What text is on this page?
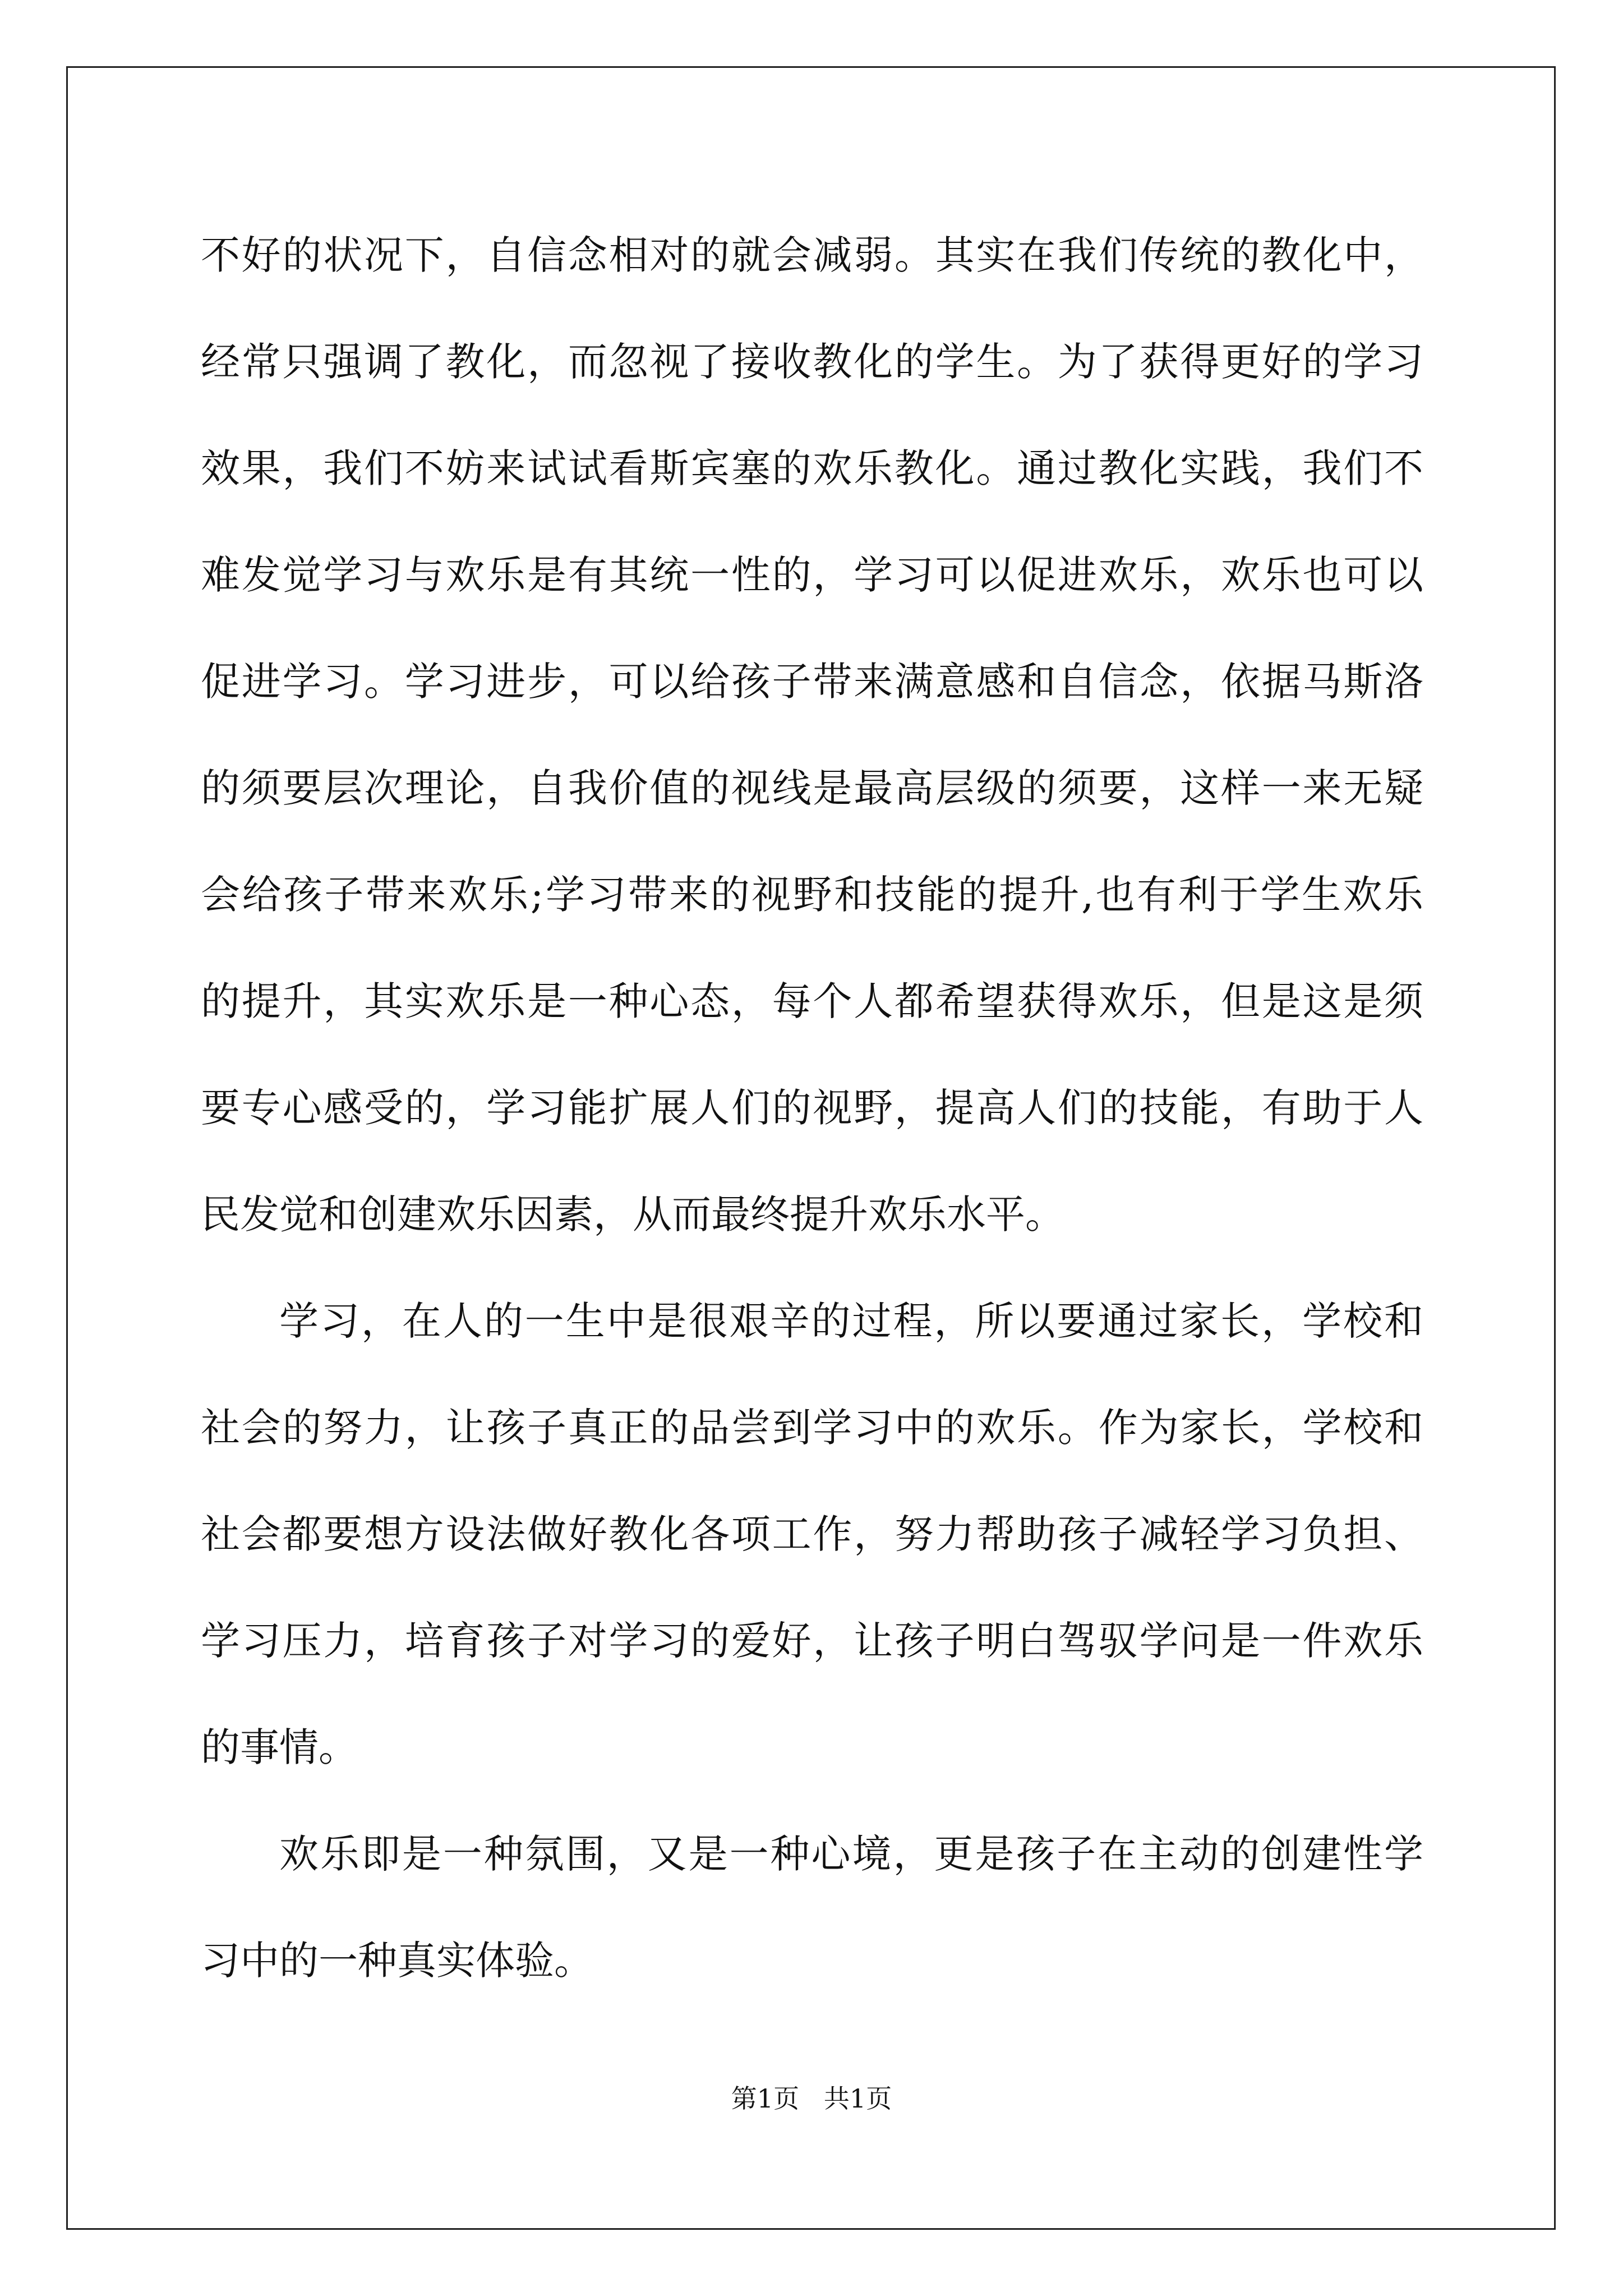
不好的状况下，自信念相对的就会减弱。其实在我们传统的教化中，
经常只强调了教化，而忽视了接收教化的学生。为了获得更好的学习
效果，我们不妨来试试看斯宾塞的欢乐教化。通过教化实践，我们不
难发觉学习与欢乐是有其统一性的，学习可以促进欢乐，欢乐也可以
促进学习。学习进步，可以给孩子带来满意感和自信念，依据马斯洛
的须要层次理论，自我价值的视线是最高层级的须要，这样一来无疑
会给孩子带来欢乐;学习带来的视野和技能的提升,也有利于学生欢乐
的提升，其实欢乐是一种心态，每个人都希望获得欢乐，但是这是须
要专心感受的，学习能扩展人们的视野，提高人们的技能，有助于人
民发觉和创建欢乐因素，从而最终提升欢乐水平。
学习，在人的一生中是很艰辛的过程，所以要通过家长，学校和
社会的努力，让孩子真正的品尝到学习中的欢乐。作为家长，学校和
社会都要想方设法做好教化各项工作，努力帮助孩子减轻学习负担、
学习压力，培育孩子对学习的爱好，让孩子明白驾驭学问是一件欢乐
的事情。
欢乐即是一种氛围，又是一种心境，更是孩子在主动的创建性学
习中的一种真实体验。
第1页   共1页
